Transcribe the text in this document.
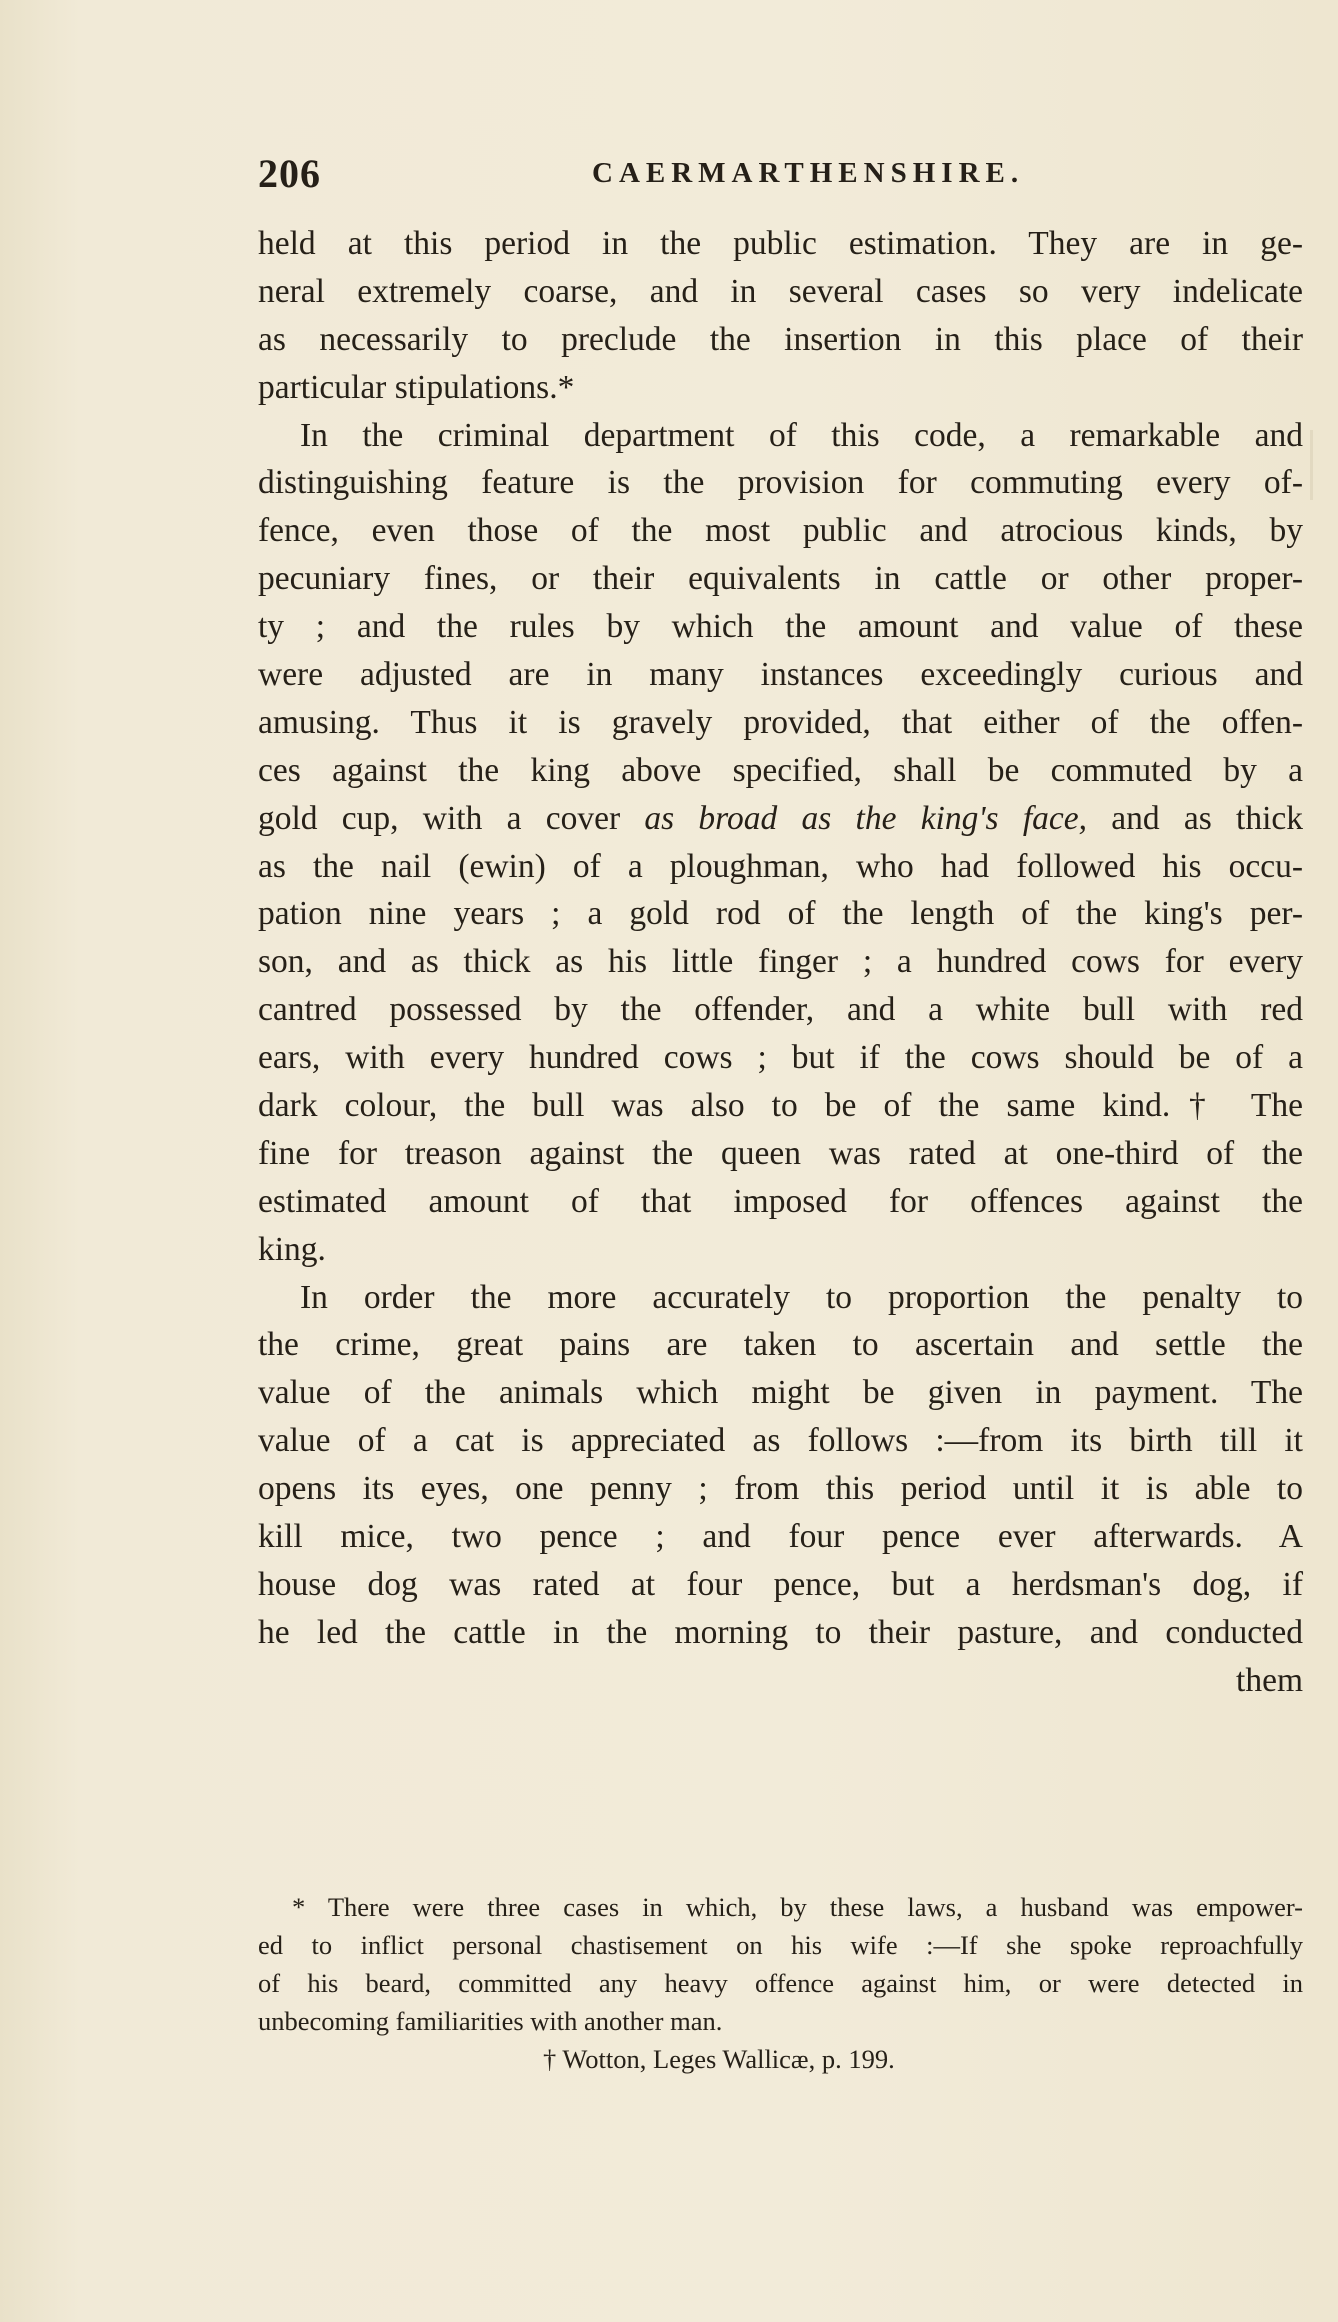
206	CAERMARTHENSHIRE.
held at this period in the public estimation. They are in ge-
neral extremely coarse, and in several cases so very indelicate
as necessarily to preclude the insertion in this place of their
particular stipulations.*
In the criminal department of this code, a remarkable and
distinguishing feature is the provision for commuting every of-
fence, even those of the most public and atrocious kinds, by
pecuniary fines, or their equivalents in cattle or other proper-
ty ; and the rules by which the amount and value of these
were adjusted are in many instances exceedingly curious and
amusing. Thus it is gravely provided, that either of the offen-
ces against the king above specified, shall be commuted by a
gold cup, with a cover as broad as the king's face, and as thick
as the nail (ewin) of a ploughman, who had followed his occu-
pation nine years ; a gold rod of the length of the king's per-
son, and as thick as his little finger ; a hundred cows for every
cantred possessed by the offender, and a white bull with red
ears, with every hundred cows ; but if the cows should be of a
dark colour, the bull was also to be of the same kind.† The
fine for treason against the queen was rated at one-third of the
estimated amount of that imposed for offences against the
king.
In order the more accurately to proportion the penalty to
the crime, great pains are taken to ascertain and settle the
value of the animals which might be given in payment. The
value of a cat is appreciated as follows :—from its birth till it
opens its eyes, one penny ; from this period until it is able to
kill mice, two pence ; and four pence ever afterwards. A
house dog was rated at four pence, but a herdsman's dog, if
he led the cattle in the morning to their pasture, and conducted
them
* There were three cases in which, by these laws, a husband was empower-
ed to inflict personal chastisement on his wife :—If she spoke reproachfully
of his beard, committed any heavy offence against him, or were detected in
unbecoming familiarities with another man.
† Wotton, Leges Wallicæ, p. 199.
